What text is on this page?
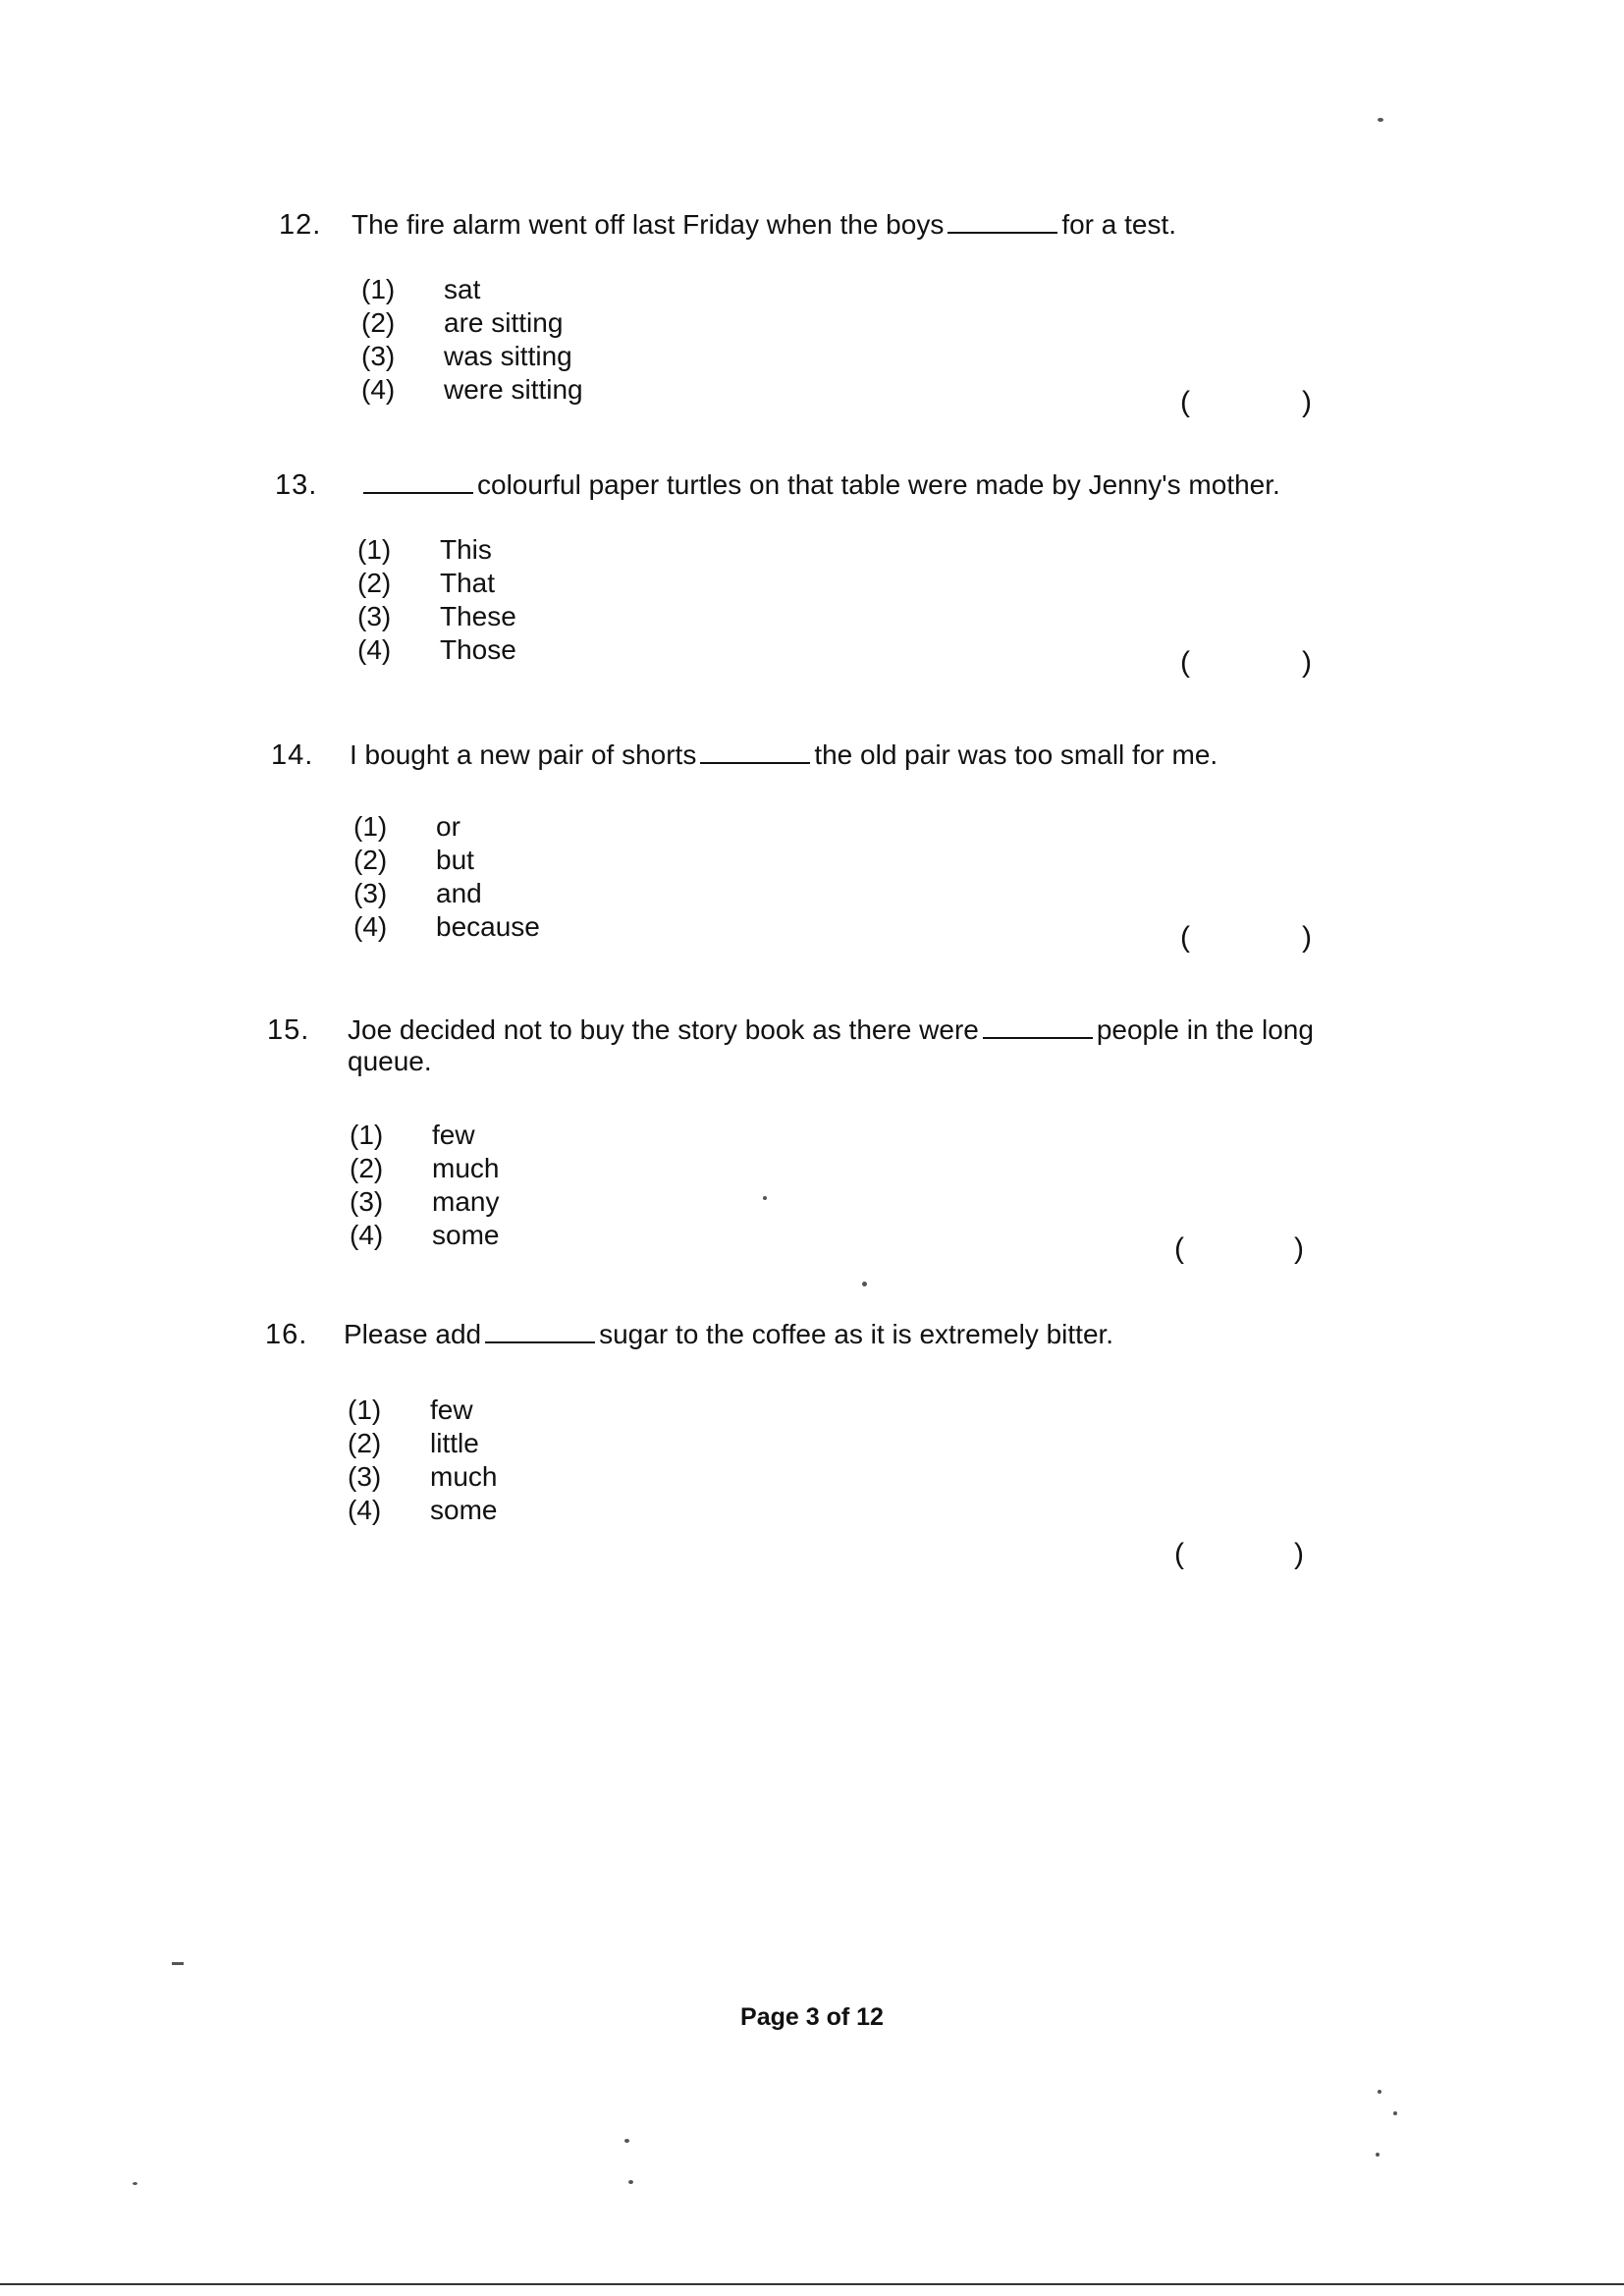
12. The fire alarm went off last Friday when the boys	for a test.
(1) sat
(2) are sitting
(3) was sitting
(4) were sitting	(	)
13.	colourful paper turtles on that table were made by Jenny's mother.
(1) This
(2) That
(3) These
(4) Those	(	)
14. I bought a new pair of shorts	the old pair was too small for me.
(1) or
(2) but
(3) and
(4) because	(	)
15. Joe decided not to buy the story book as there were	people in the long queue.
(1) few
(2) much
(3) many
(4) some	(	)
16. Please add	sugar to the coffee as it is extremely bitter.
(1) few
(2) little
(3) much
(4) some
(	)
Page 3 of 12
